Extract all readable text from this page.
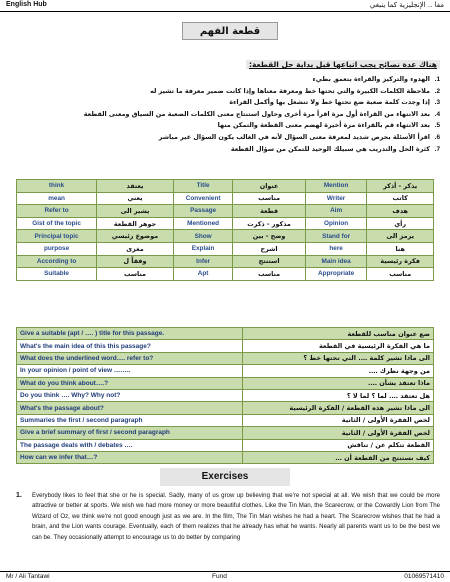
English Hub	مفا .. الإنجليزية كما ينبغي
قطعة الفهم
هناك عدة نصائح يجب اتباعها قبل بداية حل القطعة:
1.الهدوء والتركيز والقراءة بتعمق بطيء
2.ملاحظة الكلمات الكبيرة والتي تحتها خط ومعرفة معناها وإذا كانت ضمير معرفة ما تشير له
3.إذا وجدت كلمة صعبة ضع تحتها خط ولا تنشغل بها وأكمل القراءة
4.بعد الانتهاء من القراءة أول مرة اقرأ مرة أخرى وحاول استنتاج معنى الكلمات الصعبة من السياق ومعنى القطعة
5.بعد الانتهاء قم بالقراءة مرة أخيرة لهضم معنى القطعة والتمكن منها
6.اقرأ الأسئلة بحرص شديد لمعرفة معنى السؤال لأنه في الغالب يكون السؤال غير مباشر
7.كثرة الحل والتدريب هي سبيلك الوحيد للتمكن من سؤال القطعة
think	يعتقد	Title	عنوان	Mention	يذكر - أذكر
mean	يعني	Convenient	مناسب	Writer	كاتب
Refer to	يشير الى	Passage	قطعة	Aim	هدف
Gist of the topic	جوهر القطعة	Mentioned	مذكور - ذكرت	Opinion	رأي
Principal topic	موضوع رئيسي	Show	وضح - بين	Stand for	يرمز الى
purpose	مغزى	Explain	اشرح	here	هنا
According to	وفقاً ل	Infer	استنتج	Main idea	فكرة رئيسية
Suitable	مناسب	Apt	مناسب	Appropriate	مناسب
Give a suitable (apt / …. ) title for this passage.	ضع عنوان مناسب للقطعة
What's the main idea of this this passage?	ما هي الفكرة الرئيسية في القطعة
What does the underlined word…. refer to?	الى ماذا تشير كلمة …. التي تحتها خط ؟
In your opinion / point of view ……..	من وجهة نظرك ….
What do you think about….?	ماذا تعتقد بشأن ….
Do you think …. Why? Why not?	هل تعتقد …. لما ؟ لما لا ؟
What's the passage about?	الى ماذا تشير هذه القطعة / الفكرة الرئيسية
Summaries the first / second paragraph	لخص الفقرة الأولى / الثانية
Give a brief summary of first / second paragraph	لخص الفقرة الأولى / الثانية
The passage deals with / debates ….	القطعة تتكلم عن / تناقش
How can we infer that…?	كيف نستنتج من القطعة أن …
Exercises
1. Everybody likes to feel that she or he is special. Sadly, many of us grow up believing that we're not special at all. We wish that we could be more attractive or better at sports. We wish we had more money or more beautiful clothes. Like the Tin Man, the Scarecrow, or the Cowardly Lion from The Wizard of Oz, we think we're not good enough just as we are. In the film, The Tin Man wishes he had a heart. The Scarecrow wishes that he had a brain, and the Lion wants courage. Eventually, each of them realizes that he already has what he wants. Nearly all parents want us to be the best we can be. They occasionally attempt to encourage us to do better by comparing

Mr / Ali Tantawi	Fund	01069571410
